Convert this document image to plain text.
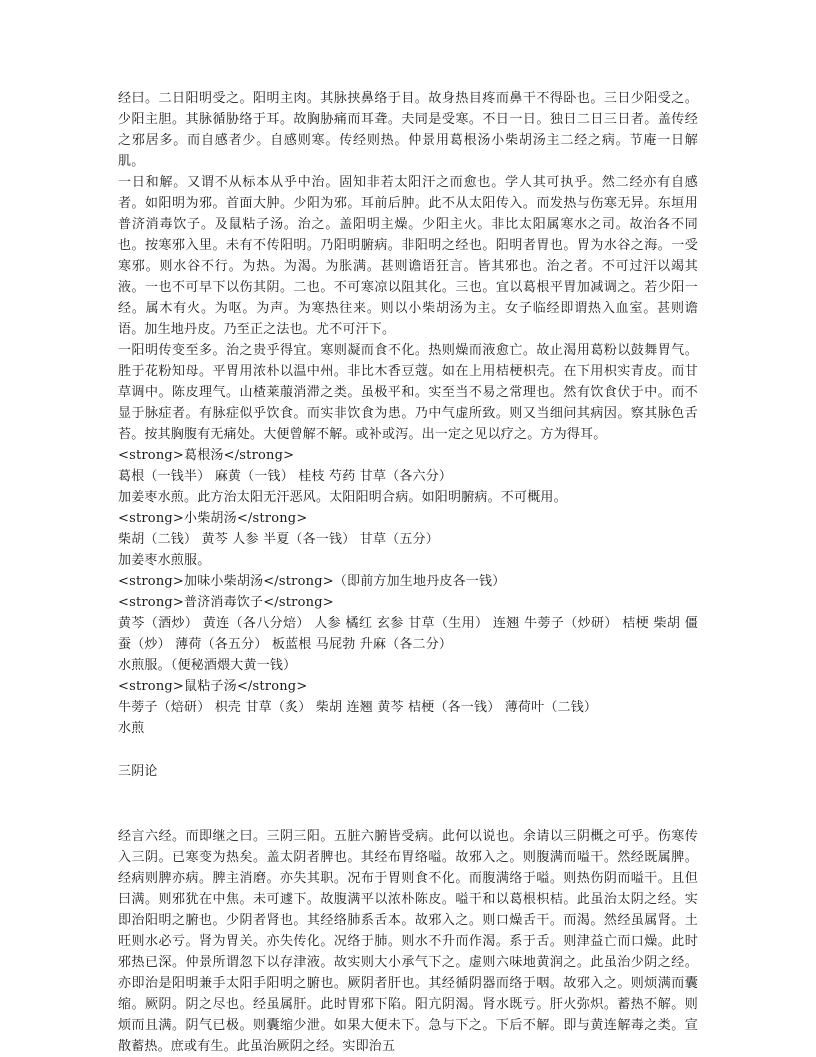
经曰。二日阳明受之。阳明主肉。其脉挟鼻络于目。故身热目疼而鼻干不得卧也。三日少阳受之。少阳主胆。其脉循胁络于耳。故胸胁痛而耳聋。夫同是受寒。不日一日。独日二日三日者。盖传经之邪居多。而自感者少。自感则寒。传经则热。仲景用葛根汤小柴胡汤主二经之病。节庵一日解肌。

一日和解。又谓不从标本从乎中治。固知非若太阳汗之而愈也。学人其可执乎。然二经亦有自感者。如阳明为邪。首面大肿。少阳为邪。耳前后肿。此不从太阳传入。而发热与伤寒无异。东垣用普济消毒饮子。及鼠粘子汤。治之。盖阳明主燥。少阳主火。非比太阳属寒水之司。故治各不同也。按寒邪入里。未有不传阳明。乃阳明腑病。非阳明之经也。阳明者胃也。胃为水谷之海。一受寒邪。则水谷不行。为热。为渴。为胀满。甚则谵语狂言。皆其邪也。治之者。不可过汗以竭其液。一也不可早下以伤其阴。二也。不可寒凉以阻其化。三也。宜以葛根平胃加减调之。若少阳一经。属木有火。为呕。为声。为寒热往来。则以小柴胡汤为主。女子临经即谓热入血室。甚则谵语。加生地丹皮。乃至正之法也。尤不可汗下。

一阳明传变至多。治之贵乎得宜。寒则凝而食不化。热则燥而液愈亡。故止渴用葛粉以鼓舞胃气。胜于花粉知母。平胃用浓朴以温中州。非比木香豆蔻。如在上用桔梗枳壳。在下用枳实青皮。而甘草调中。陈皮理气。山楂莱菔消滞之类。虽极平和。实至当不易之常理也。然有饮食伏于中。而不显于脉症者。有脉症似乎饮食。而实非饮食为患。乃中气虚所致。则又当细问其病因。察其脉色舌苔。按其胸腹有无痛处。大便曾解不解。或补或泻。出一定之见以疗之。方为得耳。

<strong>葛根汤</strong>

葛根（一钱半） 麻黄（一钱） 桂枝 芍药 甘草（各六分）

加姜枣水煎。此方治太阳无汗恶风。太阳阳明合病。如阳明腑病。不可概用。

<strong>小柴胡汤</strong>

柴胡（二钱） 黄芩 人参 半夏（各一钱） 甘草（五分）

加姜枣水煎服。

<strong>加味小柴胡汤</strong>（即前方加生地丹皮各一钱）

<strong>普济消毒饮子</strong>

黄芩（酒炒） 黄连（各八分焙） 人参 橘红 玄参 甘草（生用） 连翘 牛蒡子（炒研） 桔梗 柴胡 僵蚕（炒） 薄荷（各五分） 板蓝根 马屁勃 升麻（各二分）

水煎服。（便秘酒煨大黄一钱）

<strong>鼠粘子汤</strong>

牛蒡子（焙研） 枳壳 甘草（炙） 柴胡 连翘 黄芩 桔梗（各一钱） 薄荷叶（二钱）

水煎

三阴论

经言六经。而即继之曰。三阴三阳。五脏六腑皆受病。此何以说也。余请以三阴概之可乎。伤寒传入三阴。已寒变为热矣。盖太阴者脾也。其经布胃络嗌。故邪入之。则腹满而嗌干。然经既属脾。经病则脾亦病。脾主消磨。亦失其职。况布于胃则食不化。而腹满络于嗌。则热伤阴而嗌干。且但曰满。则邪犹在中焦。未可遽下。故腹满平以浓朴陈皮。嗌干和以葛根枳桔。此虽治太阴之经。实即治阳明之腑也。少阴者肾也。其经络肺系舌本。故邪入之。则口燥舌干。而渴。然经虽属肾。土旺则水必亏。肾为胃关。亦失传化。况络于肺。则水不升而作渴。系于舌。则津益亡而口燥。此时邪热已深。仲景所谓忽下以存津液。故实则大小承气下之。虚则六味地黄润之。此虽治少阴之经。亦即治是阳明兼手太阳手阳明之腑也。厥阴者肝也。其经循阴器而络于咽。故邪入之。则烦满而囊缩。厥阴。阴之尽也。经虽属肝。此时胃邪下陷。阳亢阴渴。肾水既亏。肝火弥炽。蓄热不解。则烦而且满。阴气已极。则囊缩少泄。如果大便未下。急与下之。下后不解。即与黄连解毒之类。宣散蓄热。庶或有生。此虽治厥阴之经。实即治五
